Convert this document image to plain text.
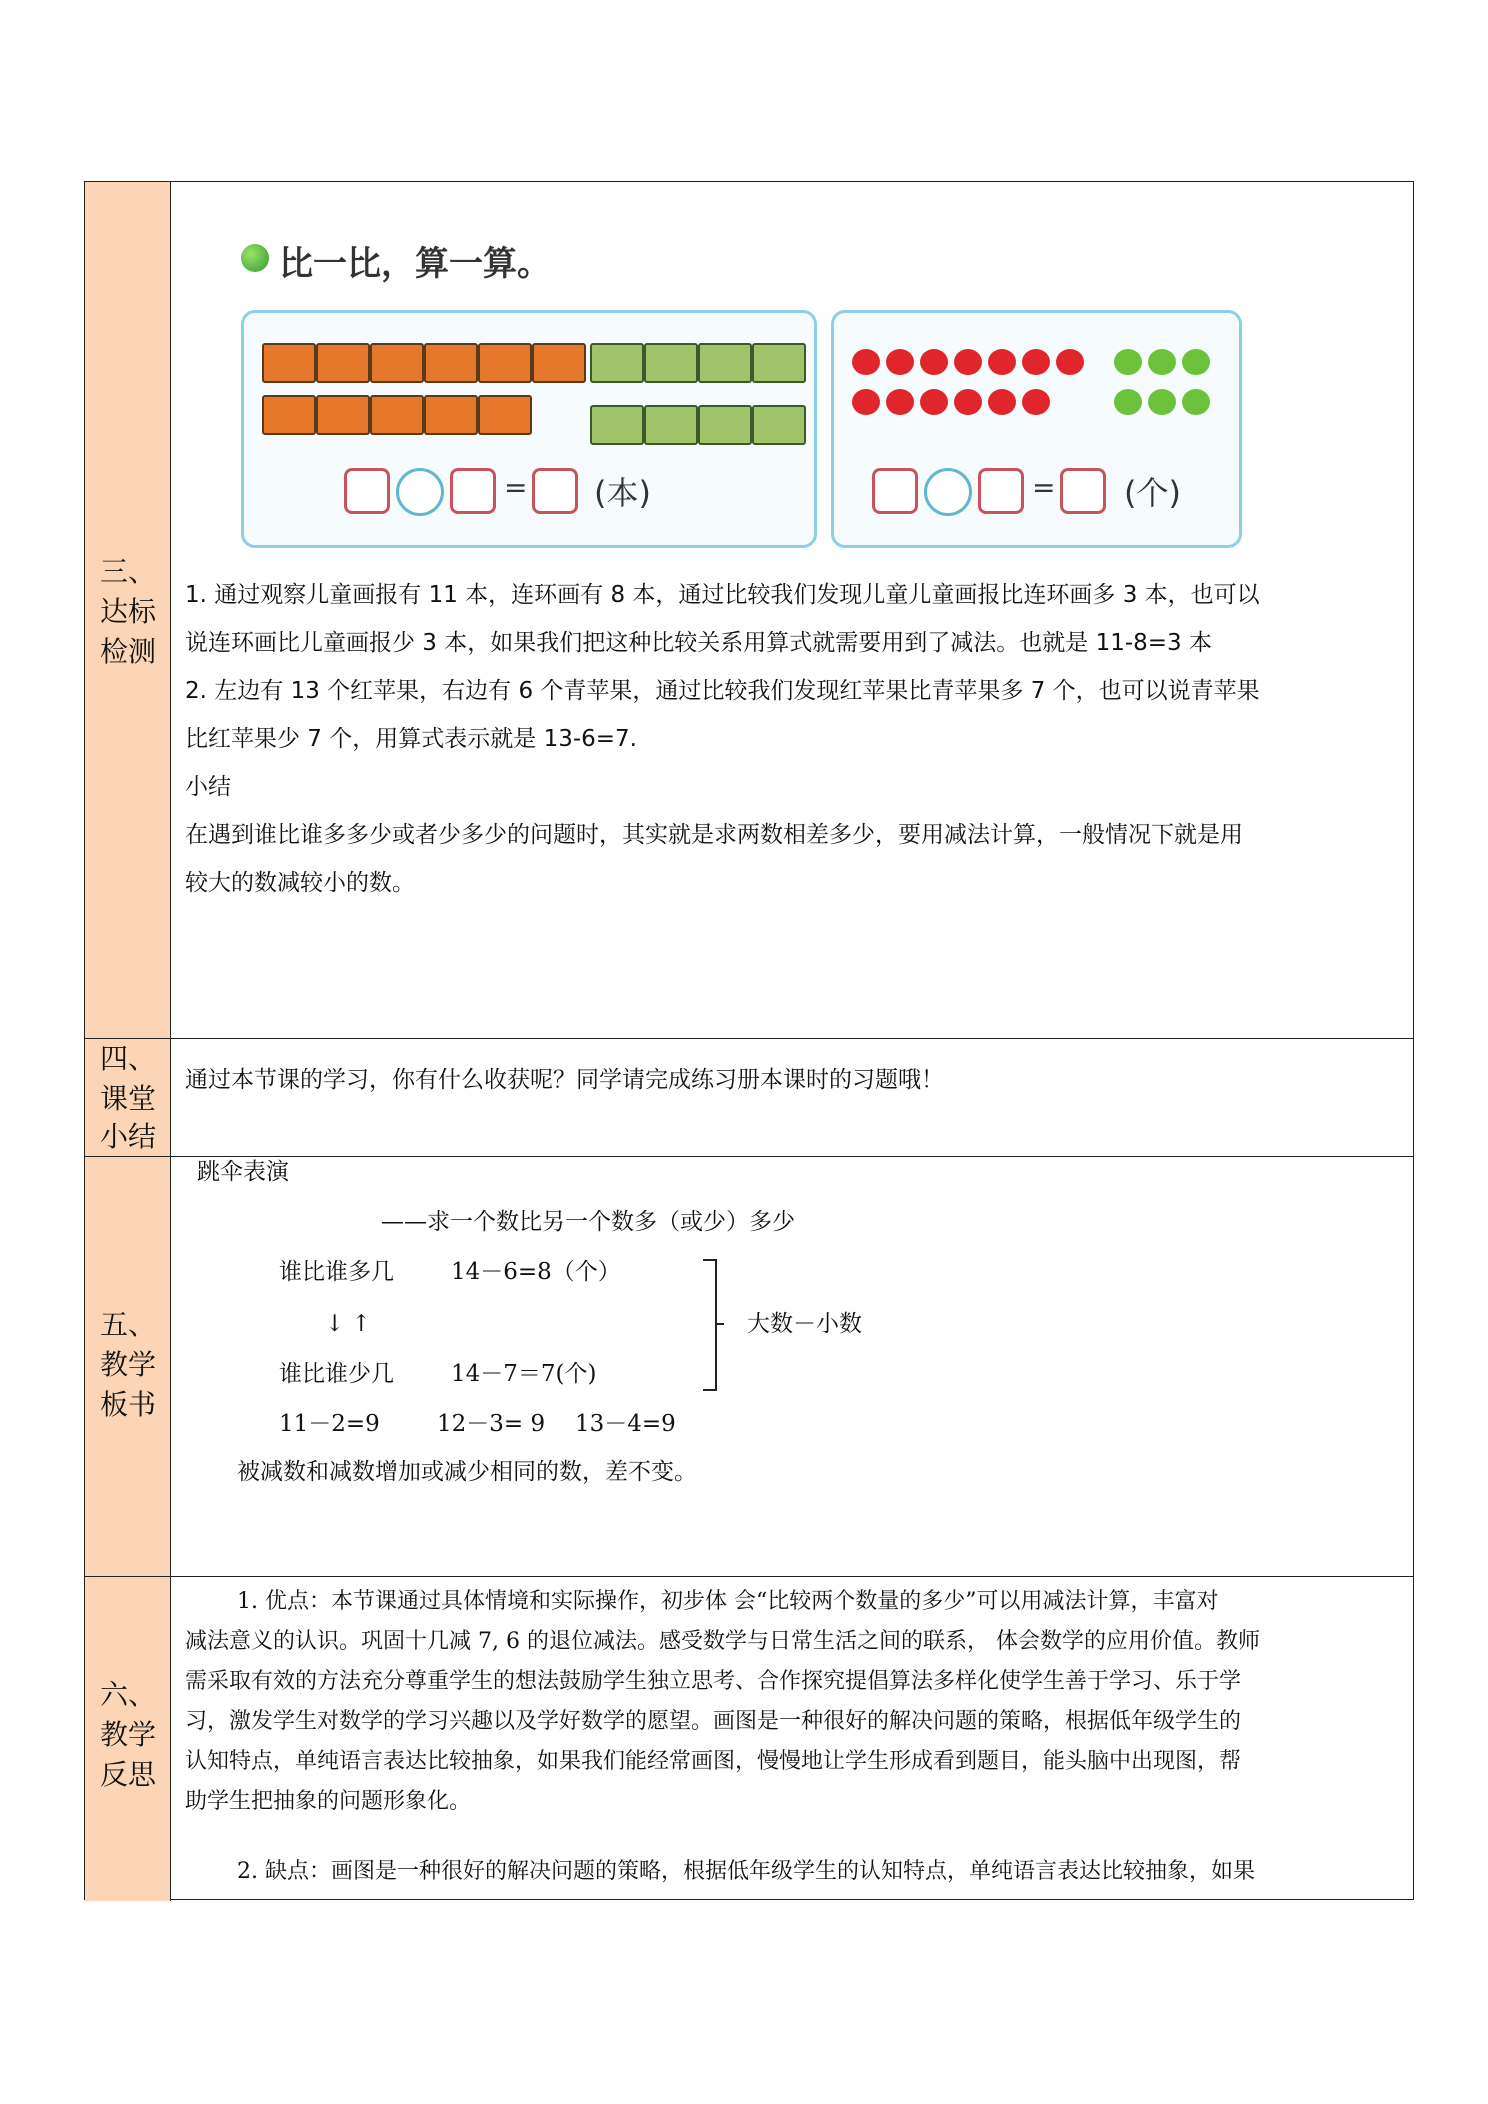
三、
达标
检测
比一比，算一算。
= (本)	= (个)
1. 通过观察儿童画报有 11 本，连环画有 8 本，通过比较我们发现儿童儿童画报比连环画多 3 本，也可以
说连环画比儿童画报少 3 本，如果我们把这种比较关系用算式就需要用到了减法。也就是 11-8=3 本
2. 左边有 13 个红苹果，右边有 6 个青苹果，通过比较我们发现红苹果比青苹果多 7 个，也可以说青苹果
比红苹果少 7 个，用算式表示就是 13-6=7.
小结
在遇到谁比谁多多少或者少多少的问题时，其实就是求两数相差多少，要用减法计算，一般情况下就是用
较大的数减较小的数。
四、
课堂
小结
通过本节课的学习，你有什么收获呢？同学请完成练习册本课时的习题哦！
五、
教学
板书
跳伞表演
——求一个数比另一个数多（或少）多少
谁比谁多几 14－6=8（个）
↓ ↑
谁比谁少几 14－7＝7(个)
大数－小数
11－2=9 12－3= 9 13－4=9
被减数和减数增加或减少相同的数，差不变。
六、
教学
反思
1. 优点：本节课通过具体情境和实际操作，初步体 会“比较两个数量的多少”可以用减法计算，丰富对
减法意义的认识。巩固十几减 7, 6 的退位减法。感受数学与日常生活之间的联系， 体会数学的应用价值。教师
需采取有效的方法充分尊重学生的想法鼓励学生独立思考、合作探究提倡算法多样化使学生善于学习、乐于学
习，激发学生对数学的学习兴趣以及学好数学的愿望。画图是一种很好的解决问题的策略，根据低年级学生的
认知特点，单纯语言表达比较抽象，如果我们能经常画图，慢慢地让学生形成看到题目，能头脑中出现图，帮
助学生把抽象的问题形象化。
2. 缺点：画图是一种很好的解决问题的策略，根据低年级学生的认知特点，单纯语言表达比较抽象，如果
